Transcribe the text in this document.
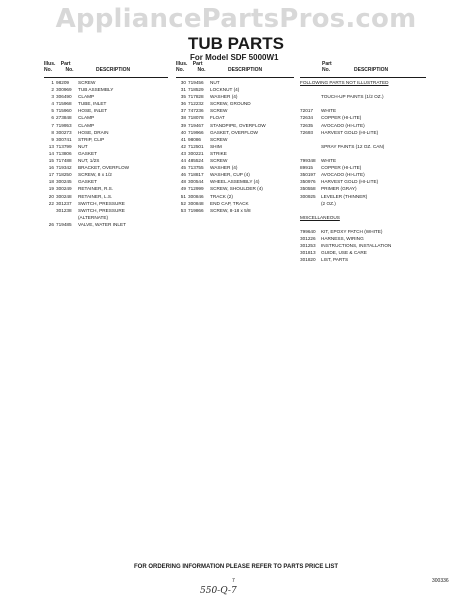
AppliancePartsPros.com
TUB PARTS
For Model SDF 5000W1
Illus. Part
No.	No.	DESCRIPTION
Illus. Part
No.	No.	DESCRIPTION
Part
No.	DESCRIPTION
1 98209 SCREW
2 300969 TUB ASSEMBLY
3 306490 CLAMP
4 715968 TUBE, INLET
5 715960 HOSE, INLET
6 273848 CLAMP
7 719953 CLAMP
8 300273 HOSE, DRAIN
9 300741 STRIP, CLIP
13 713799 NUT
14 713806 GASKET
15 717488 NUT, 1/2S
16 719342 BRACKET, OVERFLOW
17 718250 SCREW, 8 x 1/2
18 300245 GASKET
19 300249 RETAINER, R.S.
20 300248 RETAINER, L.S.
22 301237 SWITCH, PRESSURE
301238 SWITCH, PRESSURE
(ALTERNATE)
26 719485 VALVE, WATER INLET
30 719456 NUT
31 718529 LOCKNUT (4)
35 717828 WASHER (4)
36 712232 SCREW, GROUND
37 747236 SCREW
38 718078 FLOAT
39 719467 STANDPIPE, OVERFLOW
40 719966 GASKET, OVERFLOW
41 98086 SCREW
42 712501 SHIM
43 300221 STRIKE
44 485524 SCREW
45 713755 WASHER (4)
46 718817 WASHER, CUP (4)
48 300544 WHEEL ASSEMBLY (4)
49 712999 SCREW, SHOULDER (4)
51 300846 TRACK (2)
52 300848 END CAP, TRACK
53 719866 SCREW, 8-18 x 5/8
FOLLOWING PARTS NOT ILLUSTRATED
TOUCH-UP PAINTS (1/2 OZ.)
72017 WHITE
72634 COPPER (HI-LITE)
72635 AVOCADO (HI-LITE)
72693 HARVEST GOLD (HI-LITE)
SPRAY PAINTS (12 OZ. CAN)
799348 WHITE
89915 COPPER (HI-LITE)
350197 AVOCADO (HI-LITE)
350976 HARVEST GOLD (HI-LITE)
350558 PRIMER (GRAY)
300925 LEVELER (THINNER)
(2 OZ.)
MISCELLANEOUS
799640 KIT, EPOXY PATCH (WHITE)
301226 HARNESS, WIRING
301253 INSTRUCTIONS, INSTALLATION
301813 GUIDE, USE & CARE
301820 LIST, PARTS
FOR ORDERING INFORMATION PLEASE REFER TO PARTS PRICE LIST
7	300336
550-Q-7
